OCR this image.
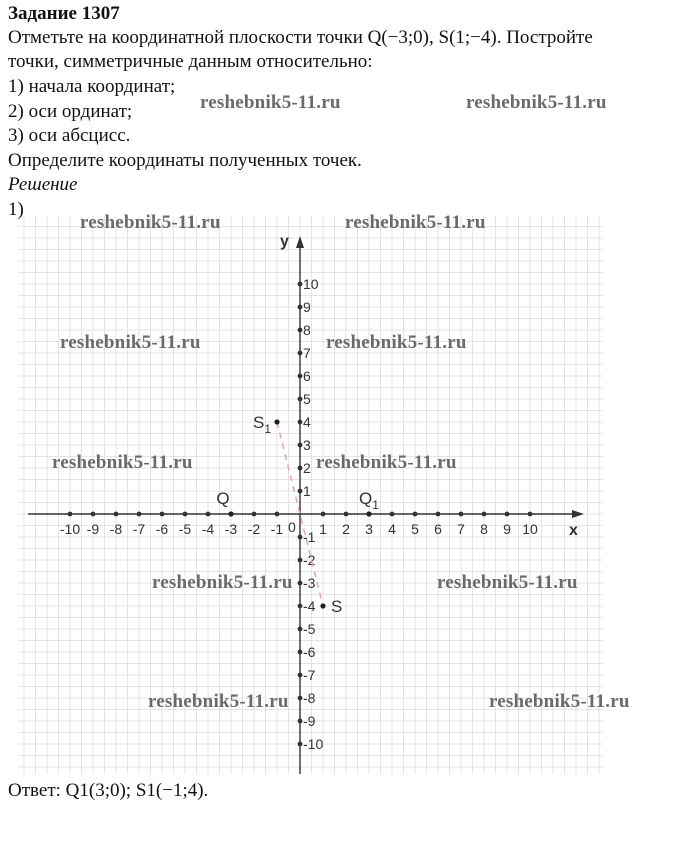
Задание 1307
Отметьте на координатной плоскости точки Q(−3;0), S(1;−4). Постройте
точки, симметричные данным относительно:
1) начала координат;
2) оси ординат;
3) оси абсцисс.
Определите координаты полученных точек.
Решение
1)
x
y
0
-10 -9 -8 -7 -6 -5 -4 -3 -2 -1	1 2 3 4 5 6 7 8 9 10
-10
-9
-8
-7
-6
-5
-4
-3
-2
-1
1
2
3
4
5
6
7
8
9
10
Q
S
$Q_1$
$S_1$
reshebnik5-11.ru	reshebnik5-11.ru
reshebnik5-11.ru	reshebnik5-11.ru
reshebnik5-11.ru	reshebnik5-11.ru
reshebnik5-11.ru	reshebnik5-11.ru
reshebnik5-11.ru	reshebnik5-11.ru
reshebnik5-11.ru	reshebnik5-11.ru
Ответ: Q1(3;0); S1(−1;4).
